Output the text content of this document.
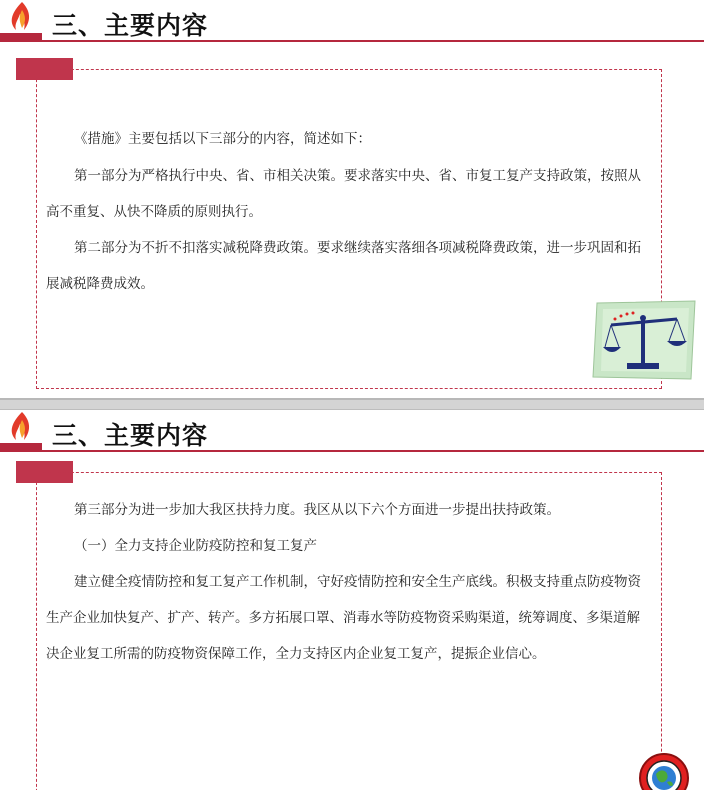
三、主要内容

《措施》主要包括以下三部分的内容，简述如下：

第一部分为严格执行中央、省、市相关决策。要求落实中央、省、市复工复产支持政策，按照从高不重复、从快不降质的原则执行。

第二部分为不折不扣落实减税降费政策。要求继续落实落细各项减税降费政策，进一步巩固和拓展减税降费成效。

三、主要内容

第三部分为进一步加大我区扶持力度。我区从以下六个方面进一步提出扶持政策。

（一）全力支持企业防疫防控和复工复产

建立健全疫情防控和复工复产工作机制，守好疫情防控和安全生产底线。积极支持重点防疫物资生产企业加快复产、扩产、转产。多方拓展口罩、消毒水等防疫物资采购渠道，统筹调度、多渠道解决企业复工所需的防疫物资保障工作，全力支持区内企业复工复产，提振企业信心。
